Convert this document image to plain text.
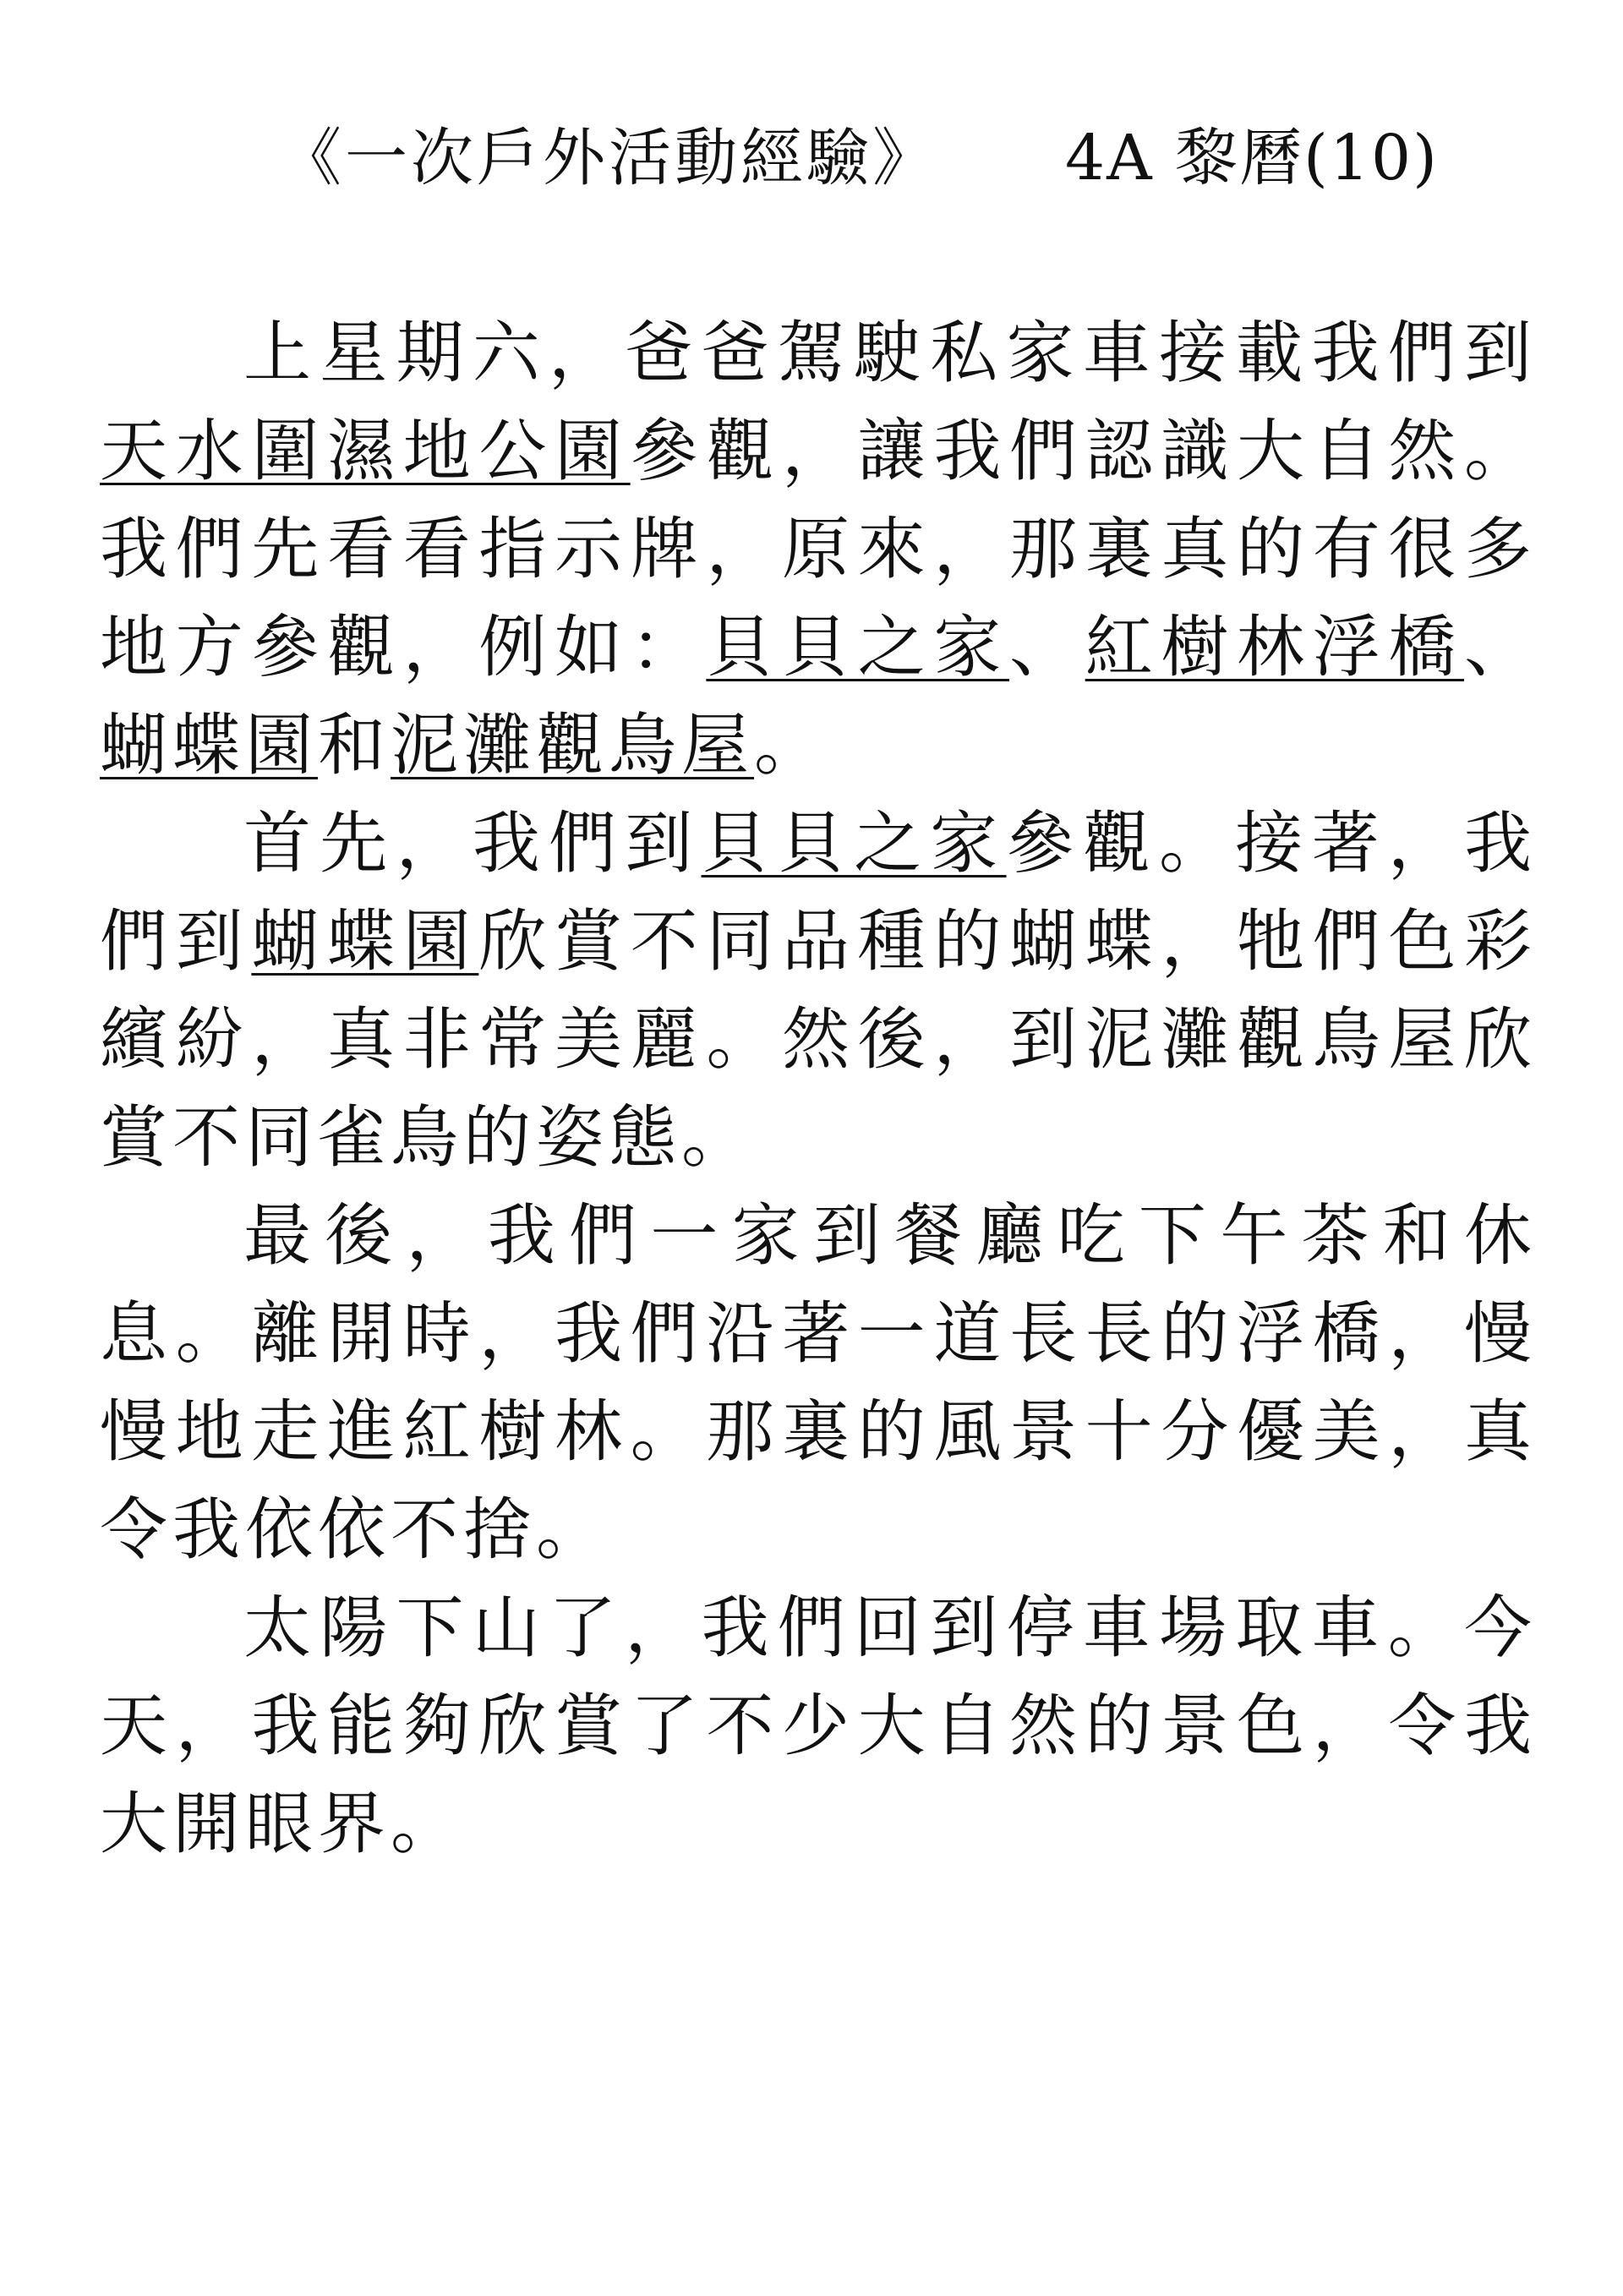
《一次戶外活動經驗》 4A 黎曆(10)

上星期六，爸爸駕駛私家車接載我們到天水圍濕地公園參觀，讓我們認識大自然。我們先看看指示牌，原來，那裏真的有很多地方參觀，例如：貝貝之家、紅樹林浮橋、蝴蝶園和泥灘觀鳥屋。

首先，我們到貝貝之家參觀。接著，我們到蝴蝶園欣賞不同品種的蝴蝶，牠們色彩繽紛，真非常美麗。然後，到泥灘觀鳥屋欣賞不同雀鳥的姿態。

最後，我們一家到餐廳吃下午茶和休息。離開時，我們沿著一道長長的浮橋，慢慢地走進紅樹林。那裏的風景十分優美，真令我依依不捨。

太陽下山了，我們回到停車場取車。今天，我能夠欣賞了不少大自然的景色，令我大開眼界。
